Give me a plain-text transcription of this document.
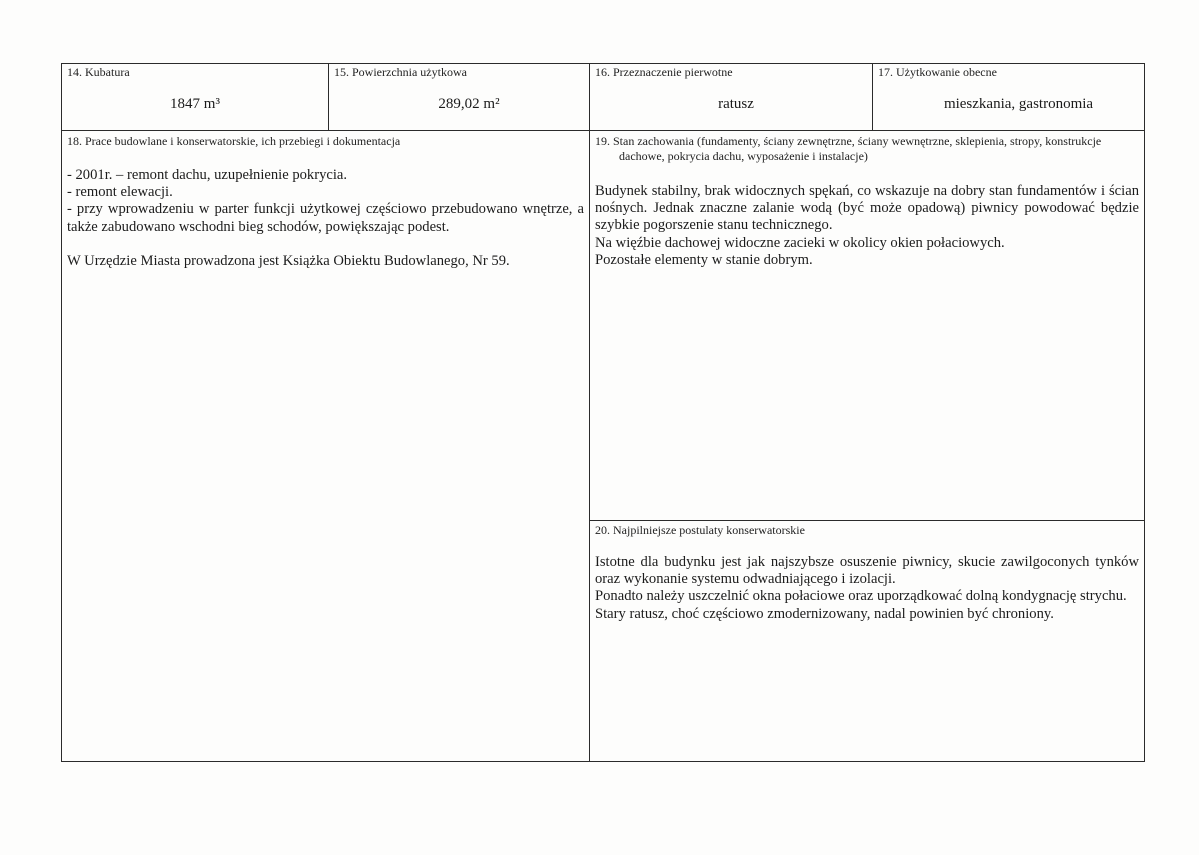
14. Kubatura
1847 m³
15. Powierzchnia użytkowa
289,02 m²
16. Przeznaczenie pierwotne
ratusz
17. Użytkowanie obecne
mieszkania, gastronomia
18. Prace budowlane i konserwatorskie, ich przebiegi i dokumentacja

- 2001r. – remont dachu, uzupełnienie pokrycia.

- remont elewacji.

- przy wprowadzeniu w parter funkcji użytkowej częściowo przebudowano wnętrze, a także zabudowano wschodni bieg schodów, powiększając podest.

W Urzędzie Miasta prowadzona jest Książka Obiektu Budowlanego, Nr 59.

19. Stan zachowania (fundamenty, ściany zewnętrzne, ściany wewnętrzne, sklepienia, stropy, konstrukcje dachowe, pokrycia dachu, wyposażenie i instalacje)

Budynek stabilny, brak widocznych spękań, co wskazuje na dobry stan fundamentów i ścian nośnych. Jednak znaczne zalanie wodą (być może opadową) piwnicy powodować będzie szybkie pogorszenie stanu technicznego.

Na więźbie dachowej widoczne zacieki w okolicy okien połaciowych.

Pozostałe elementy w stanie dobrym.

20. Najpilniejsze postulaty konserwatorskie

Istotne dla budynku jest jak najszybsze osuszenie piwnicy, skucie zawilgoconych tynków oraz wykonanie systemu odwadniającego i izolacji.

Ponadto należy uszczelnić okna połaciowe oraz uporządkować dolną kondygnację strychu.

Stary ratusz, choć częściowo zmodernizowany, nadal powinien być chroniony.
